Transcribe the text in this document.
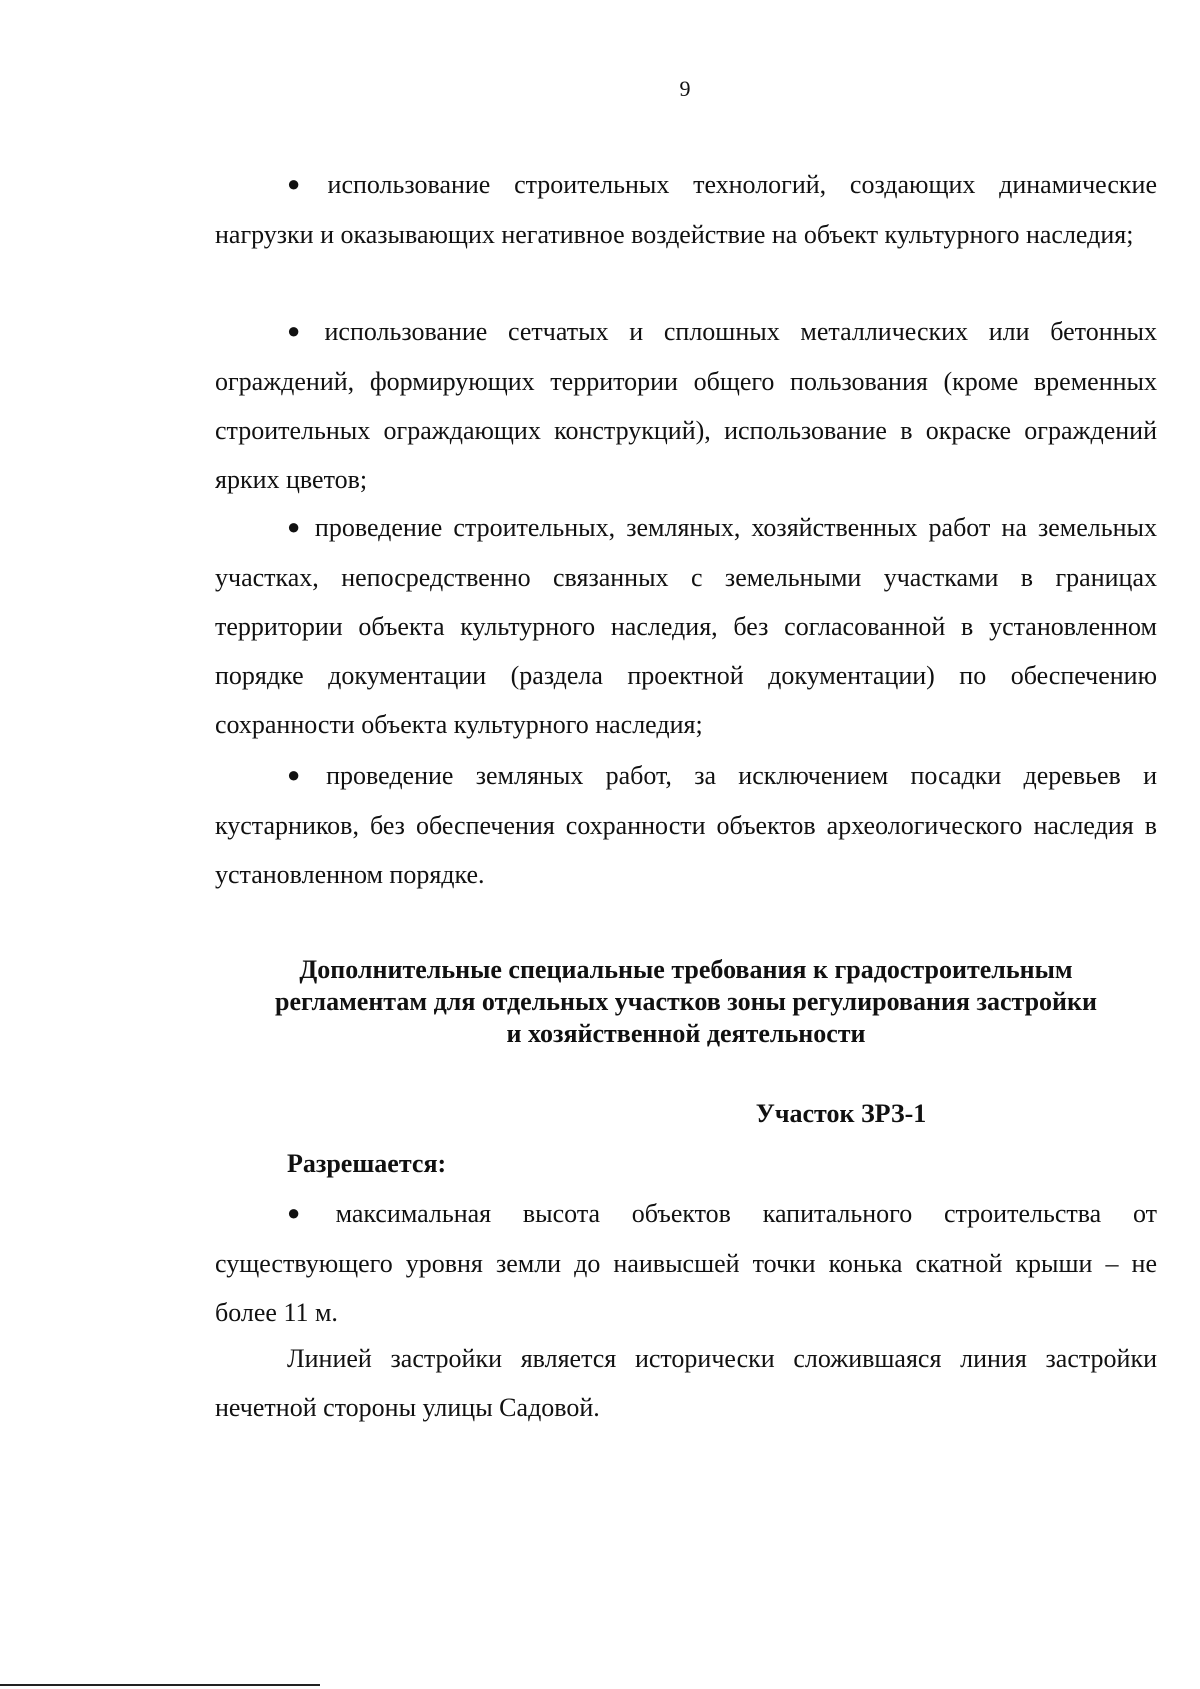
9
● использование строительных технологий, создающих динамические нагрузки и оказывающих негативное воздействие на объект культурного наследия;
● использование сетчатых и сплошных металлических или бетонных ограждений, формирующих территории общего пользования (кроме временных строительных ограждающих конструкций), использование в окраске ограждений ярких цветов;
● проведение строительных, земляных, хозяйственных работ на земельных участках, непосредственно связанных с земельными участками в границах территории объекта культурного наследия, без согласованной в установленном порядке документации (раздела проектной документации) по обеспечению сохранности объекта культурного наследия;
● проведение земляных работ, за исключением посадки деревьев и кустарников, без обеспечения сохранности объектов археологического наследия в установленном порядке.
Дополнительные специальные требования к градостроительным
регламентам для отдельных участков зоны регулирования застройки
и хозяйственной деятельности
Участок ЗРЗ-1
Разрешается:
● максимальная высота объектов капитального строительства от существующего уровня земли до наивысшей точки конька скатной крыши – не более 11 м.
Линией застройки является исторически сложившаяся линия застройки нечетной стороны улицы Садовой.
